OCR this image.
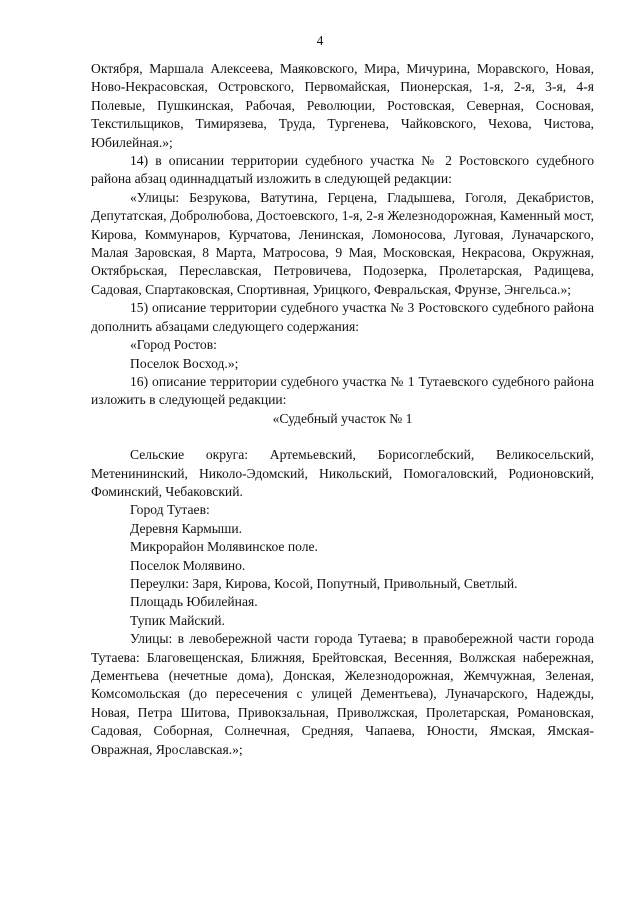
4

Октября, Маршала Алексеева, Маяковского, Мира, Мичурина, Моравского, Новая, Ново-Некрасовская, Островского, Первомайская, Пионерская, 1-я, 2-я, 3-я, 4-я Полевые, Пушкинская, Рабочая, Революции, Ростовская, Северная, Сосновая, Текстильщиков, Тимирязева, Труда, Тургенева, Чайковского, Чехова, Чистова, Юбилейная.»;

14) в описании территории судебного участка № 2 Ростовского судебного района абзац одиннадцатый изложить в следующей редакции:

«Улицы: Безрукова, Ватутина, Герцена, Гладышева, Гоголя, Декабристов, Депутатская, Добролюбова, Достоевского, 1-я, 2-я Железнодорожная, Каменный мост, Кирова, Коммунаров, Курчатова, Ленинская, Ломоносова, Луговая, Луначарского, Малая Заровская, 8 Марта, Матросова, 9 Мая, Московская, Некрасова, Окружная, Октябрьская, Переславская, Петровичева, Подозерка, Пролетарская, Радищева, Садовая, Спартаковская, Спортивная, Урицкого, Февральская, Фрунзе, Энгельса.»;

15) описание территории судебного участка № 3 Ростовского судебного района дополнить абзацами следующего содержания:

«Город Ростов:

Поселок Восход.»;

16) описание территории судебного участка № 1 Тутаевского судебного района изложить в следующей редакции:

«Судебный участок № 1

Сельские округа: Артемьевский, Борисоглебский, Великосельский, Метенининский, Николо-Эдомский, Никольский, Помогаловский, Родионовский, Фоминский, Чебаковский.

Город Тутаев:

Деревня Кармыши.

Микрорайон Молявинское поле.

Поселок Молявино.

Переулки: Заря, Кирова, Косой, Попутный, Привольный, Светлый.

Площадь Юбилейная.

Тупик Майский.

Улицы: в левобережной части города Тутаева; в правобережной части города Тутаева: Благовещенская, Ближняя, Брейтовская, Весенняя, Волжская набережная, Дементьева (нечетные дома), Донская, Железнодорожная, Жемчужная, Зеленая, Комсомольская (до пересечения с улицей Дементьева), Луначарского, Надежды, Новая, Петра Шитова, Привокзальная, Приволжская, Пролетарская, Романовская, Садовая, Соборная, Солнечная, Средняя, Чапаева, Юности, Ямская, Ямская-Овражная, Ярославская.»;
